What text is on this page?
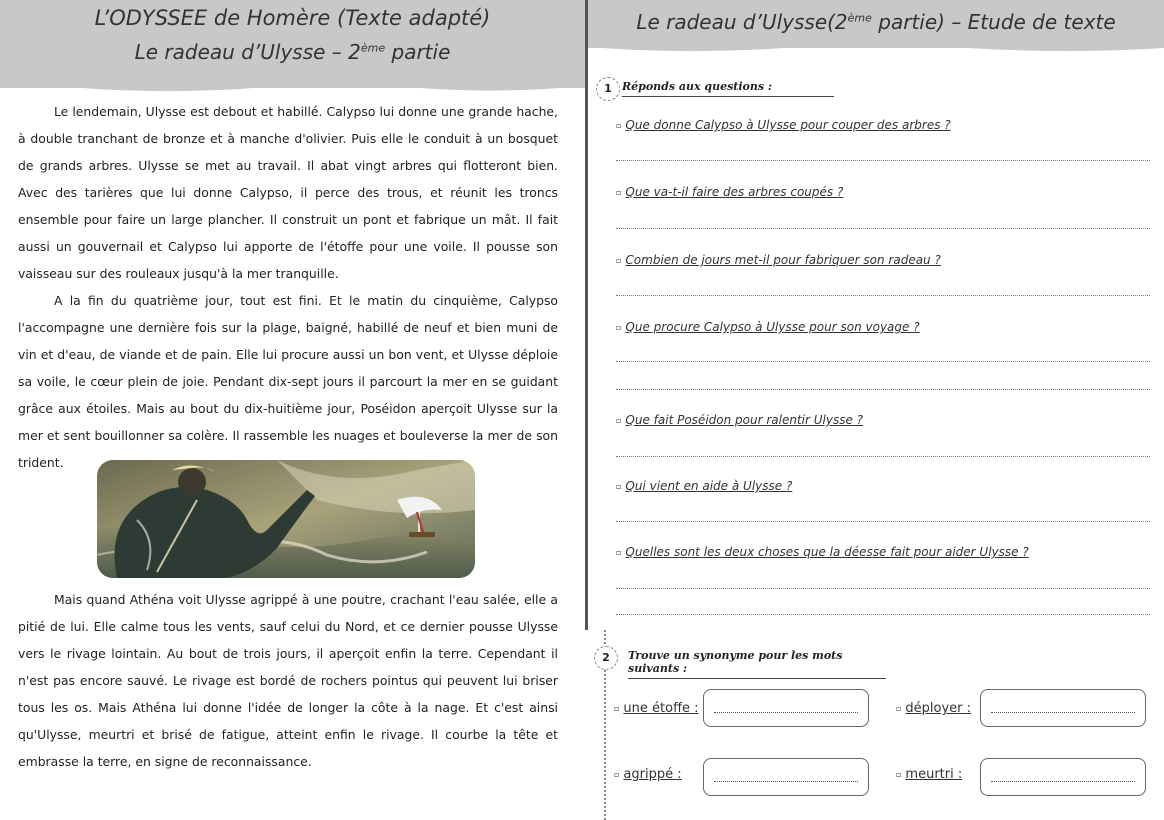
L’ODYSSEE de Homère (Texte adapté)
Le radeau d’Ulysse – 2ème partie

Le lendemain, Ulysse est debout et habillé. Calypso lui donne une grande hache, à double tranchant de bronze et à manche d'olivier. Puis elle le conduit à un bosquet de grands arbres. Ulysse se met au travail. Il abat vingt arbres qui flotteront bien. Avec des tarières que lui donne Calypso, il perce des trous, et réunit les troncs ensemble pour faire un large plancher. Il construit un pont et fabrique un mât. Il fait aussi un gouvernail et Calypso lui apporte de l'étoffe pour une voile. Il pousse son vaisseau sur des rouleaux jusqu'à la mer tranquille.

A la fin du quatrième jour, tout est fini. Et le matin du cinquième, Calypso l'accompagne une dernière fois sur la plage, baigné, habillé de neuf et bien muni de vin et d'eau, de viande et de pain. Elle lui procure aussi un bon vent, et Ulysse déploie sa voile, le cœur plein de joie. Pendant dix-sept jours il parcourt la mer en se guidant grâce aux étoiles. Mais au bout du dix-huitième jour, Poséidon aperçoit Ulysse sur la mer et sent bouillonner sa colère. Il rassemble les nuages et bouleverse la mer de son trident.

Mais quand Athéna voit Ulysse agrippé à une poutre, crachant l'eau salée, elle a pitié de lui. Elle calme tous les vents, sauf celui du Nord, et ce dernier pousse Ulysse vers le rivage lointain. Au bout de trois jours, il aperçoit enfin la terre. Cependant il n'est pas encore sauvé. Le rivage est bordé de rochers pointus qui peuvent lui briser tous les os. Mais Athéna lui donne l'idée de longer la côte à la nage. Et c'est ainsi qu'Ulysse, meurtri et brisé de fatigue, atteint enfin le rivage. Il courbe la tête et embrasse la terre, en signe de reconnaissance.

Le radeau d’Ulysse(2ème partie) – Etude de texte
1 Réponds aux questions :
▫ Que donne Calypso à Ulysse pour couper des arbres ?
▫ Que va-t-il faire des arbres coupés ?
▫ Combien de jours met-il pour fabriquer son radeau ?
▫ Que procure Calypso à Ulysse pour son voyage ?
▫ Que fait Poséidon pour ralentir Ulysse ?
▫ Qui vient en aide à Ulysse ?
▫ Quelles sont les deux choses que la déesse fait pour aider Ulysse ?
2	Trouve un synonyme pour les mots suivants :
▫ une étoffe :	▫ déployer :
▫ agrippé :	▫ meurtri :
